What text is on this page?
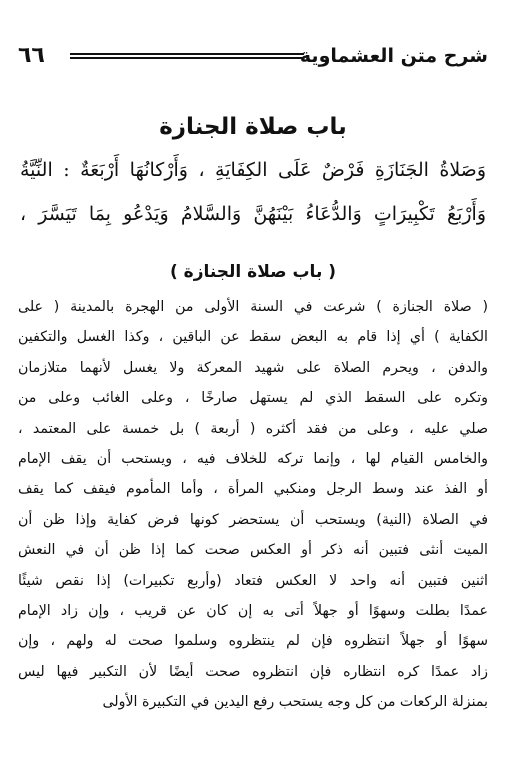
٦٦	شرح متن العشماوية
باب صلاة الجنازة
وَصَلاةُ الجَنَازَةِ فَرْضٌ عَلَى الكِفَايَةِ ، وَأَرْكانُهَا أَرْبَعَةٌ : النِّيَّةُ
وَأَرْبَعُ تَكْبِيرَاتٍ وَالدُّعَاءُ بَيْنَهُنَّ وَالسَّلامُ وَيَدْعُو بِمَا تَيَسَّرَ ،
( باب صلاة الجنازة )
( صلاة الجنازة ) شرعت في السنة الأولى من الهجرة بالمدينة ( على
الكفاية ) أي إذا قام به البعض سقط عن الباقين ، وكذا الغسل والتكفين
والدفن ، ويحرم الصلاة على شهيد المعركة ولا يغسل لأنهما متلازمان
وتكره على السقط الذي لم يستهل صارخًا ، وعلى الغائب وعلى من
صلي عليه ، وعلى من فقد أكثره ( أربعة ) بل خمسة على المعتمد ،
والخامس القيام لها ، وإنما تركه للخلاف فيه ، ويستحب أن يقف الإمام
أو الفذ عند وسط الرجل ومنكبي المرأة ، وأما المأموم فيقف كما يقف
في الصلاة (النية) ويستحب أن يستحضر كونها فرض كفاية وإذا ظن أن
الميت أنثى فتبين أنه ذكر أو العكس صحت كما إذا ظن أن في النعش
اثنين فتبين أنه واحد لا العكس فتعاد (وأربع تكبيرات) إذا نقص شيئًا
عمدًا بطلت وسهوًا أو جهلاً أتى به إن كان عن قريب ، وإن زاد الإمام
سهوًا أو جهلاً انتظروه فإن لم ينتظروه وسلموا صحت له ولهم ، وإن
زاد عمدًا كره انتظاره فإن انتظروه صحت أيضًا لأن التكبير فيها ليس
بمنزلة الركعات من كل وجه يستحب رفع اليدين في التكبيرة الأولى
